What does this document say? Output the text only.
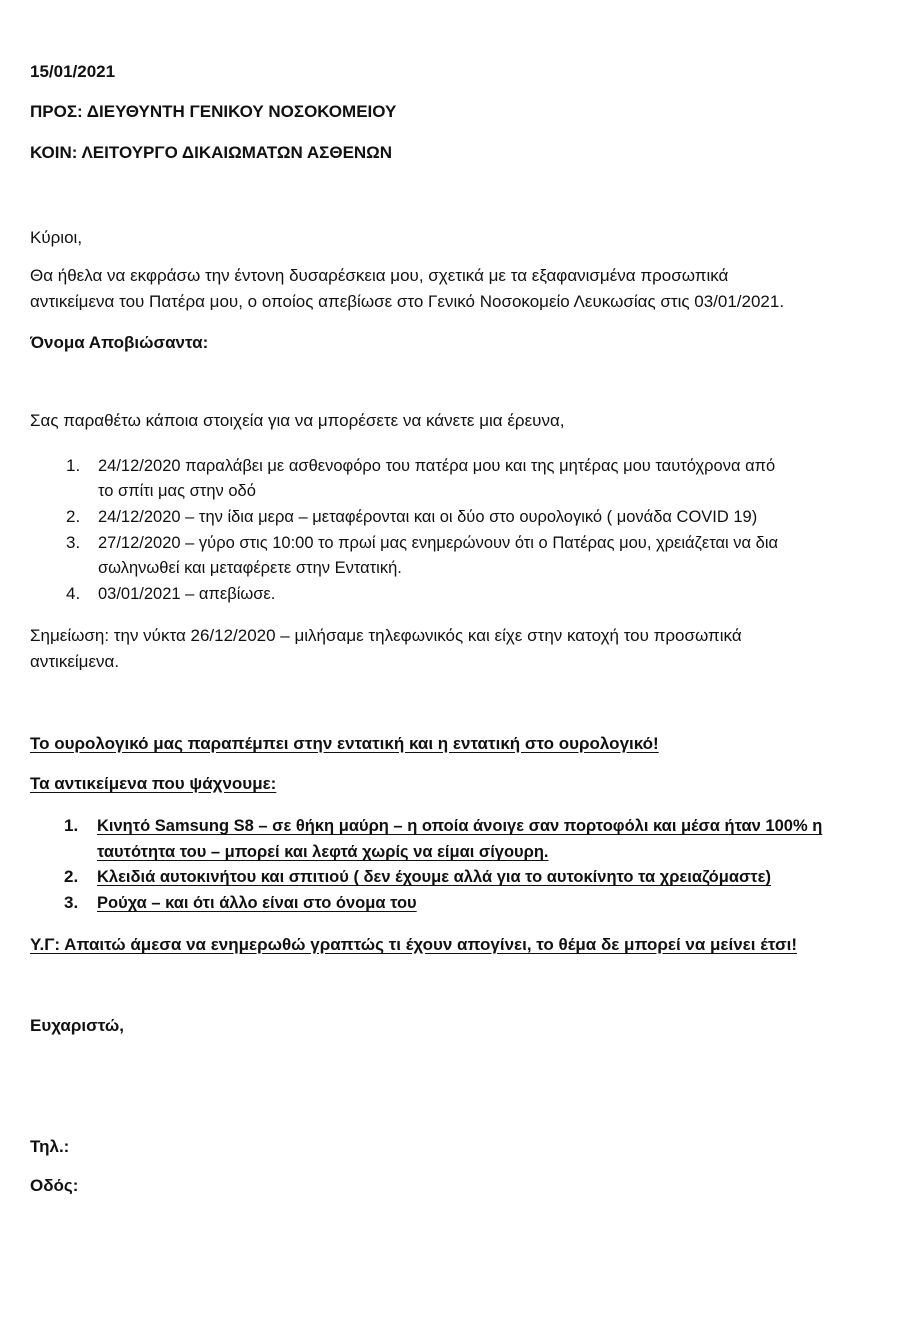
15/01/2021
ΠΡΟΣ: ΔΙΕΥΘΥΝΤΗ ΓΕΝΙΚΟΥ ΝΟΣΟΚΟΜΕΙΟΥ
ΚΟΙΝ: ΛΕΙΤΟΥΡΓΟ ΔΙΚΑΙΩΜΑΤΩΝ ΑΣΘΕΝΩΝ
Κύριοι,
Θα ήθελα να εκφράσω την έντονη δυσαρέσκεια μου, σχετικά με τα εξαφανισμένα προσωπικά
αντικείμενα του Πατέρα μου, ο οποίος απεβίωσε στο Γενικό Νοσοκομείο Λευκωσίας στις 03/01/2021.
Όνομα Αποβιώσαντα:
Σας παραθέτω κάποια στοιχεία για να μπορέσετε να κάνετε μια έρευνα,
1. 24/12/2020 παραλάβει με ασθενοφόρο του πατέρα μου και της μητέρας μου ταυτόχρονα από
το σπίτι μας στην οδό
2. 24/12/2020 – την ίδια μερα – μεταφέρονται και οι δύο στο ουρολογικό ( μονάδα COVID 19)
3. 27/12/2020 – γύρο στις 10:00 το πρωί μας ενημερώνουν ότι ο Πατέρας μου, χρειάζεται να δια
σωληνωθεί και μεταφέρετε στην Εντατική.
4. 03/01/2021 – απεβίωσε.
Σημείωση: την νύκτα 26/12/2020 – μιλήσαμε τηλεφωνικός και είχε στην κατοχή του προσωπικά
αντικείμενα.
Το ουρολογικό μας παραπέμπει στην εντατική και η εντατική στο ουρολογικό!
Τα αντικείμενα που ψάχνουμε:
1. Κινητό Samsung S8 – σε θήκη μαύρη – η οποία άνοιγε σαν πορτοφόλι και μέσα ήταν 100% η
ταυτότητα του – μπορεί και λεφτά χωρίς να είμαι σίγουρη.
2. Κλειδιά αυτοκινήτου και σπιτιού ( δεν έχουμε αλλά για το αυτοκίνητο τα χρειαζόμαστε)
3. Ρούχα – και ότι άλλο είναι στο όνομα του
Υ.Γ: Απαιτώ άμεσα να ενημερωθώ γραπτώς τι έχουν απογίνει, το θέμα δε μπορεί να μείνει έτσι!
Ευχαριστώ,
Τηλ.:
Οδός:
